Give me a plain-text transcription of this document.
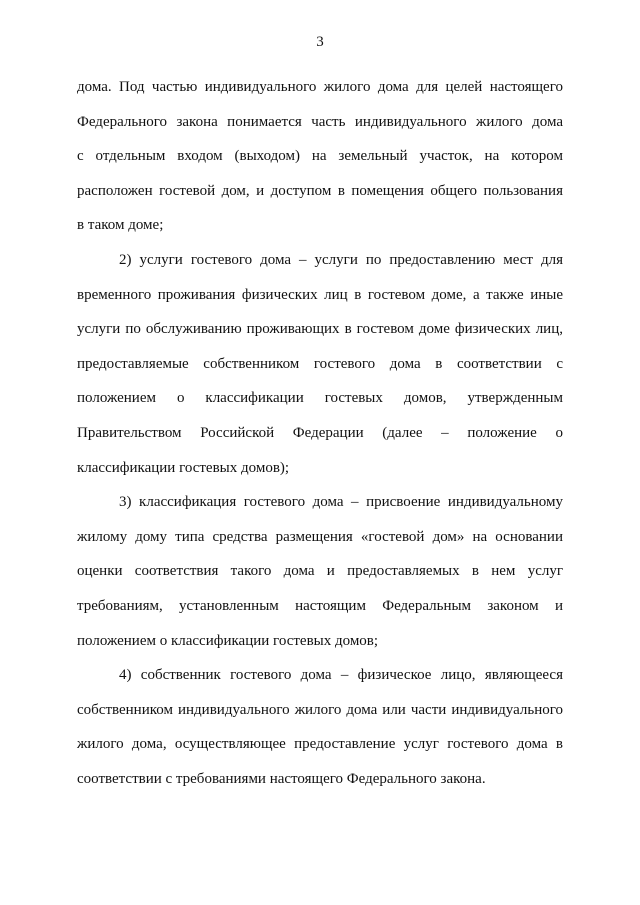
3

дома. Под частью индивидуального жилого дома для целей настоящего
Федерального закона понимается часть индивидуального жилого дома
с отдельным входом (выходом) на земельный участок, на котором
расположен гостевой дом, и доступом в помещения общего пользования
в таком доме;

2) услуги гостевого дома – услуги по предоставлению мест для
временного проживания физических лиц в гостевом доме, а также иные
услуги по обслуживанию проживающих в гостевом доме физических лиц,
предоставляемые собственником гостевого дома в соответствии с
положением о классификации гостевых домов, утвержденным
Правительством Российской Федерации (далее – положение о
классификации гостевых домов);

3) классификация гостевого дома – присвоение индивидуальному
жилому дому типа средства размещения «гостевой дом» на основании
оценки соответствия такого дома и предоставляемых в нем услуг
требованиям, установленным настоящим Федеральным законом и
положением о классификации гостевых домов;

4) собственник гостевого дома – физическое лицо, являющееся
собственником индивидуального жилого дома или части индивидуального
жилого дома, осуществляющее предоставление услуг гостевого дома в
соответствии с требованиями настоящего Федерального закона.
